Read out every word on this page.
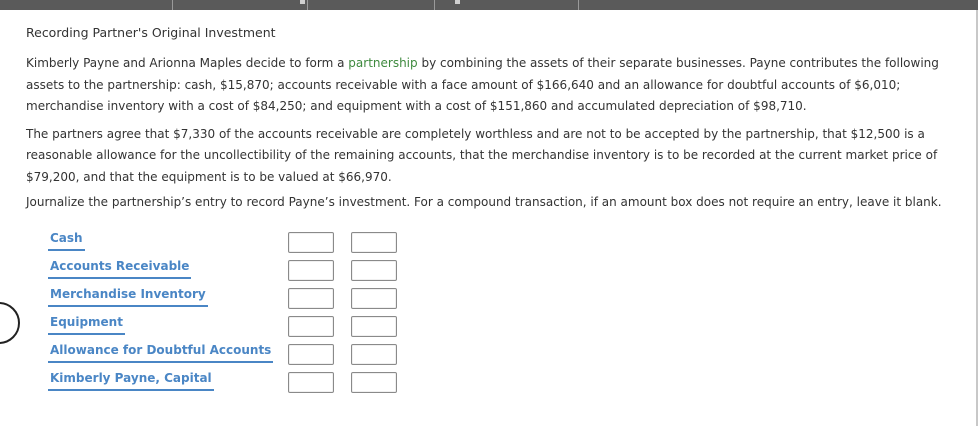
Recording Partner's Original Investment

Kimberly Payne and Arionna Maples decide to form a partnership by combining the assets of their separate businesses. Payne contributes the following assets to the partnership: cash, $15,870; accounts receivable with a face amount of $166,640 and an allowance for doubtful accounts of $6,010; merchandise inventory with a cost of $84,250; and equipment with a cost of $151,860 and accumulated depreciation of $98,710.

The partners agree that $7,330 of the accounts receivable are completely worthless and are not to be accepted by the partnership, that $12,500 is a reasonable allowance for the uncollectibility of the remaining accounts, that the merchandise inventory is to be recorded at the current market price of $79,200, and that the equipment is to be valued at $66,970.

Journalize the partnership’s entry to record Payne’s investment. For a compound transaction, if an amount box does not require an entry, leave it blank.

Cash
Accounts Receivable
Merchandise Inventory
Equipment
Allowance for Doubtful Accounts
Kimberly Payne, Capital
